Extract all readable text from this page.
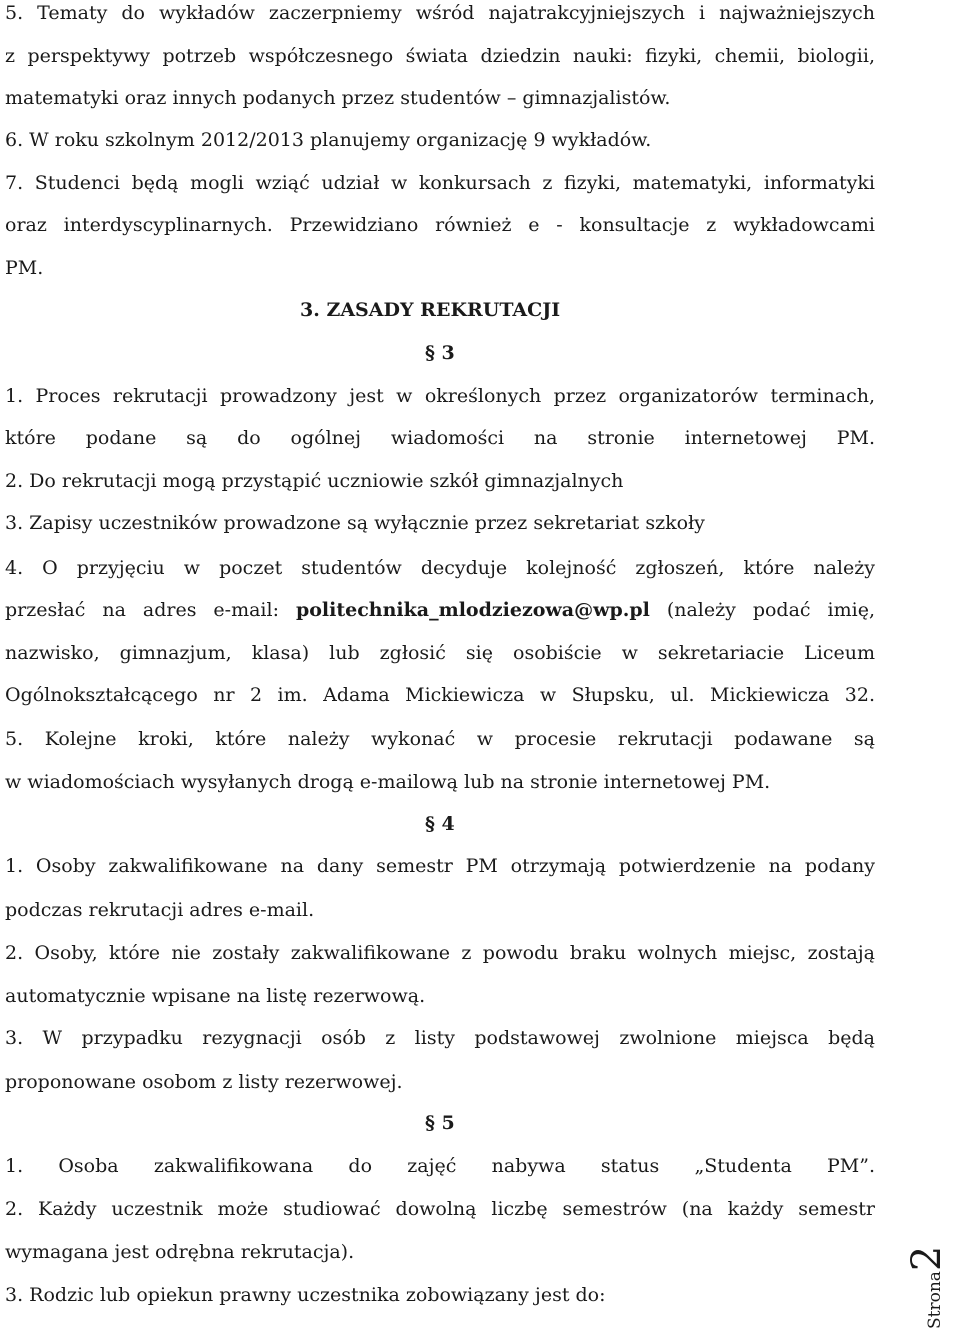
5. Tematy do wykładów zaczerpniemy wśród najatrakcyjniejszych i najważniejszych
z perspektywy potrzeb współczesnego świata dziedzin nauki: fizyki, chemii, biologii,
matematyki oraz innych podanych przez studentów – gimnazjalistów.
6. W roku szkolnym 2012/2013 planujemy organizację 9 wykładów.
7. Studenci będą mogli wziąć udział w konkursach z fizyki, matematyki, informatyki
oraz interdyscyplinarnych. Przewidziano również e - konsultacje z wykładowcami
PM.
3. ZASADY REKRUTACJI
§ 3
1. Proces rekrutacji prowadzony jest w określonych przez organizatorów terminach,
które podane są do ogólnej wiadomości na stronie internetowej PM.
2. Do rekrutacji mogą przystąpić uczniowie szkół gimnazjalnych
3. Zapisy uczestników prowadzone są wyłącznie przez sekretariat szkoły
4. O przyjęciu w poczet studentów decyduje kolejność zgłoszeń, które należy
przesłać na adres e-mail: politechnika_mlodziezowa@wp.pl (należy podać imię,
nazwisko, gimnazjum, klasa) lub zgłosić się osobiście w sekretariacie Liceum
Ogólnokształcącego nr 2 im. Adama Mickiewicza w Słupsku, ul. Mickiewicza 32.
5. Kolejne kroki, które należy wykonać w procesie rekrutacji podawane są
w wiadomościach wysyłanych drogą e-mailową lub na stronie internetowej PM.
§ 4
1. Osoby zakwalifikowane na dany semestr PM otrzymają potwierdzenie na podany
podczas rekrutacji adres e-mail.
2. Osoby, które nie zostały zakwalifikowane z powodu braku wolnych miejsc, zostają
automatycznie wpisane na listę rezerwową.
3. W przypadku rezygnacji osób z listy podstawowej zwolnione miejsca będą
proponowane osobom z listy rezerwowej.
§ 5
1. Osoba zakwalifikowana do zajęć nabywa status „Studenta PM”.
2. Każdy uczestnik może studiować dowolną liczbę semestrów (na każdy semestr
wymagana jest odrębna rekrutacja).
3. Rodzic lub opiekun prawny uczestnika zobowiązany jest do:	Strona2
